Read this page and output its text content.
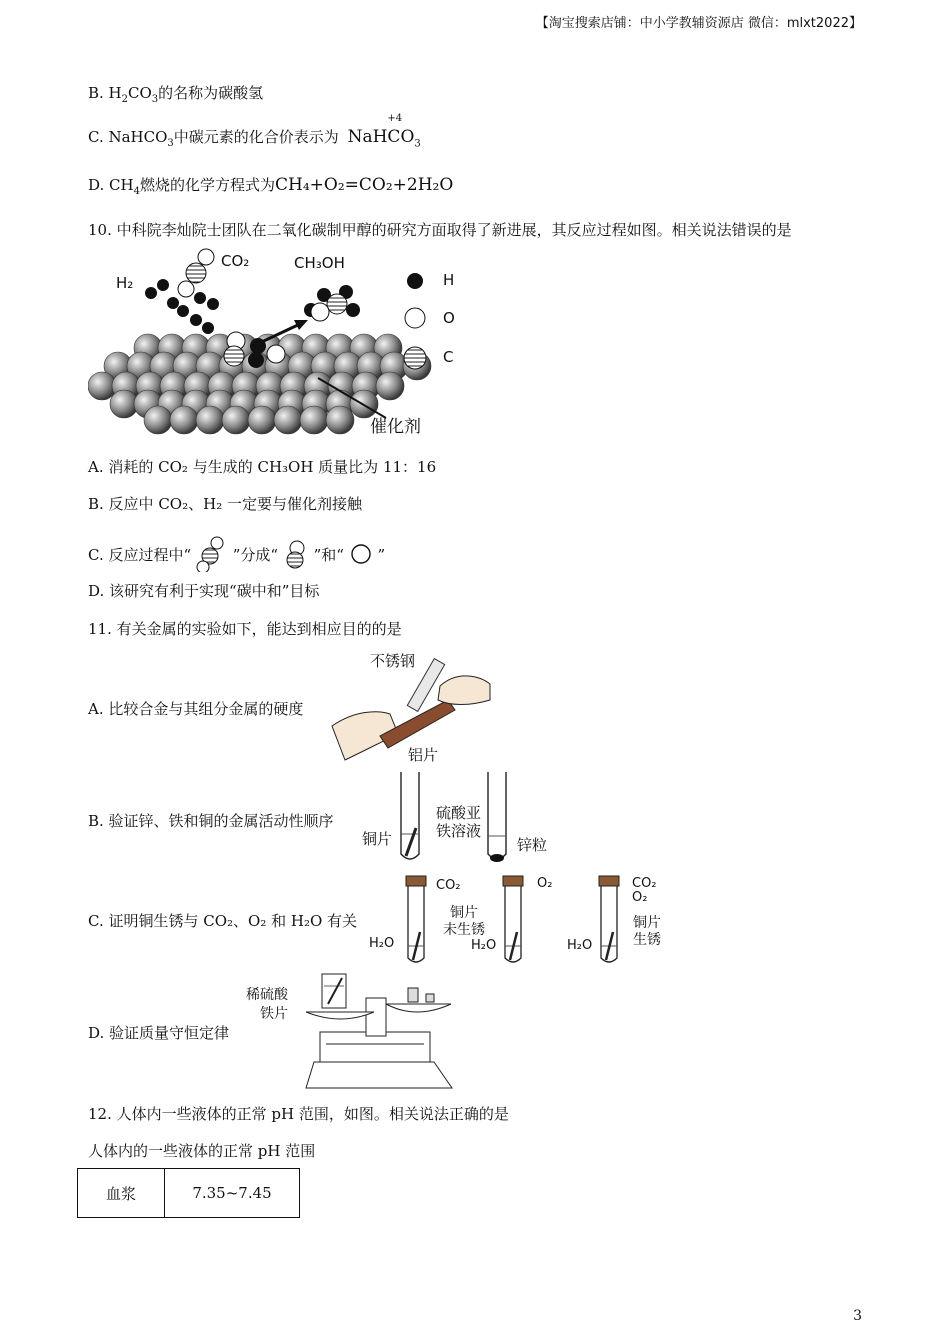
【淘宝搜索店铺：中小学教辅资源店 微信：mlxt2022】
B. $H_2CO_3$的名称为碳酸氢
C. NaHCO$_3$中碳元素的化合价表示为 NaH
+4
$CO_3$
D. $CH_4$燃烧的化学方程式为CH₄+O₂=CO₂+2H₂O
10. 中科院李灿院士团队在二氧化碳制甲醇的研究方面取得了新进展，其反应过程如图。相关说法错误的是
H₂
CO₂	CH₃OH
H
O
C
催化剂
A. 消耗的 CO₂ 与生成的 CH₃OH 质量比为 11：16
B. 反应中 CO₂、H₂ 一定要与催化剂接触
C. 反应过程中“	”分成“ ”和“ ”
D. 该研究有利于实现“碳中和”目标
11. 有关金属的实验如下，能达到相应目的的是
A. 比较合金与其组分金属的硬度
不锈钢
铝片
B. 验证锌、铁和铜的金属活动性顺序
铜片
硫酸亚
铁溶液
锌粒
C. 证明铜生锈与 CO₂、O₂ 和 H₂O 有关
CO₂	O₂	CO₂
O₂
铜片
未生锈	铜片
生锈
H₂O	H₂O	H₂O
D. 验证质量守恒定律
稀硫酸
铁片
12. 人体内一些液体的正常 pH 范围，如图。相关说法正确的是
人体内的一些液体的正常 pH 范围
血浆	7.35~7.45
3
